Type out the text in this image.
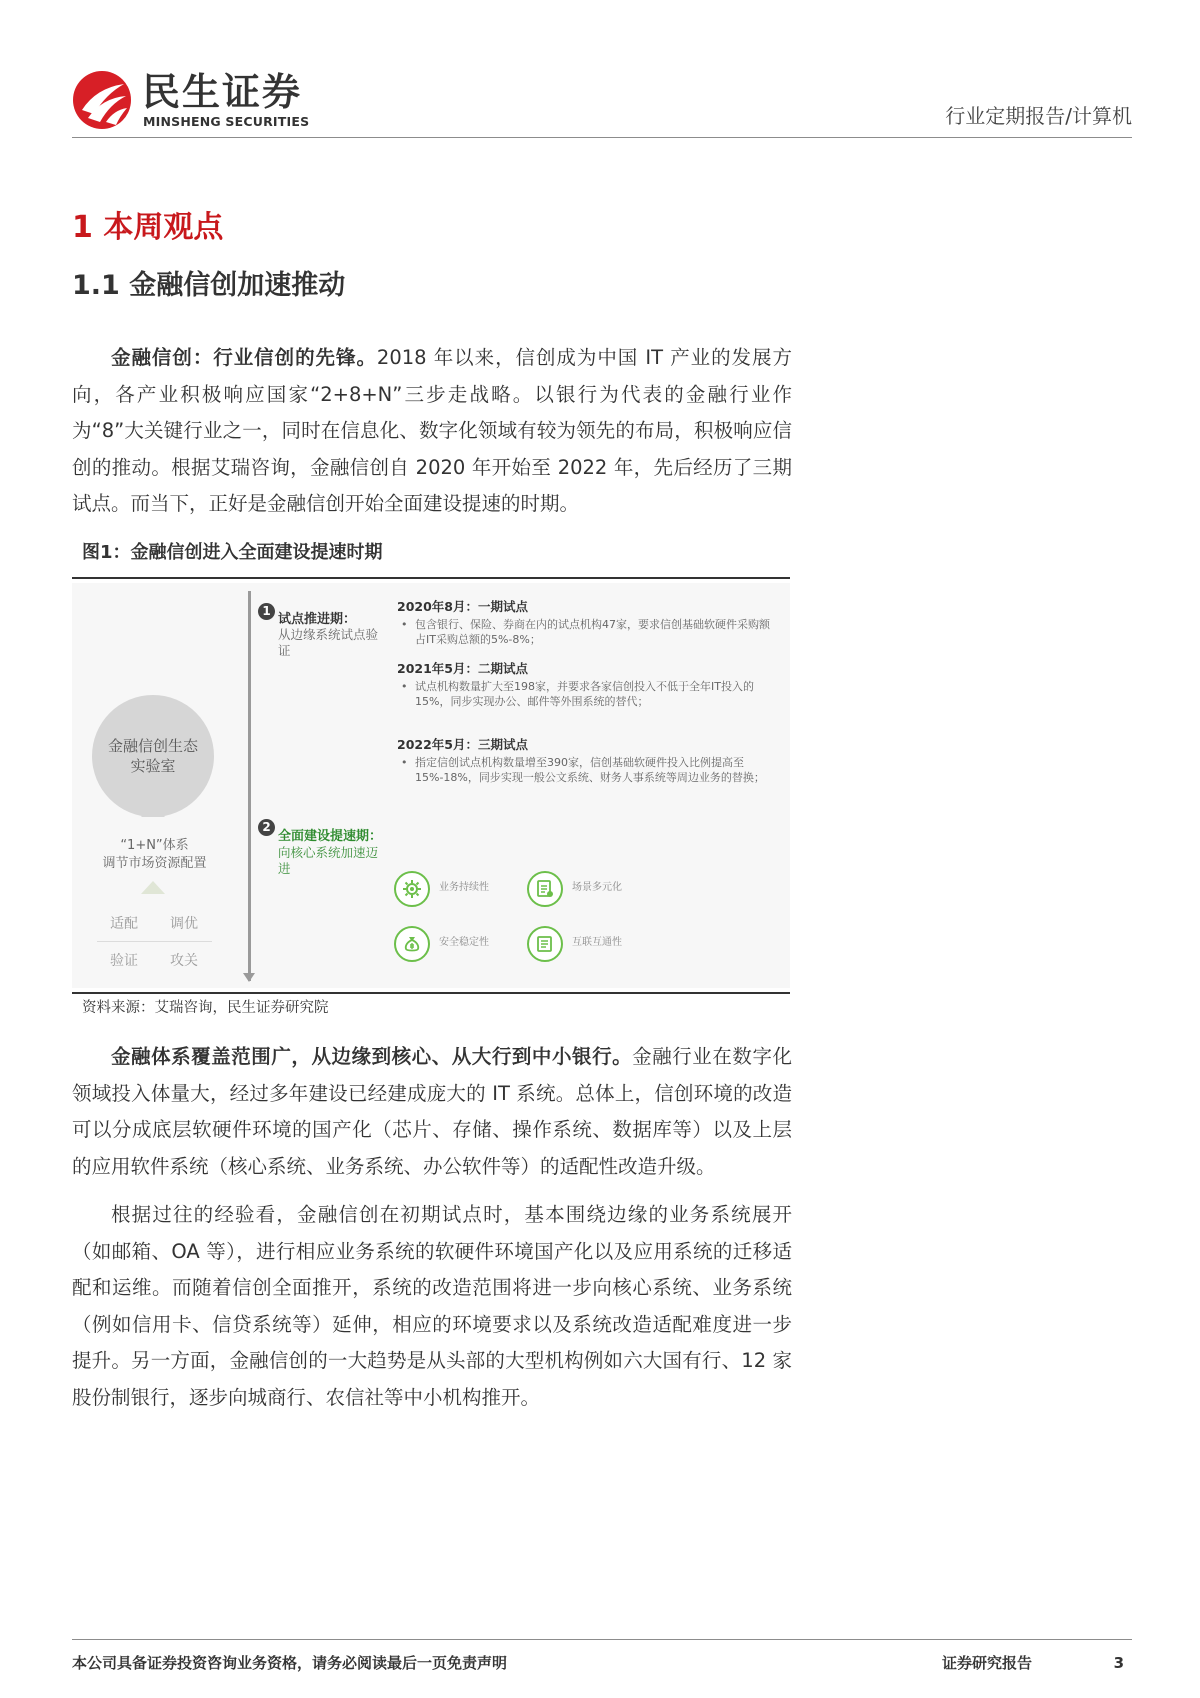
民生证券
MINSHENG SECURITIES	行业定期报告/计算机
1 本周观点
1.1 金融信创加速推动
金融信创：行业信创的先锋。2018 年以来，信创成为中国 IT 产业的发展方向，各产业积极响应国家“2+8+N”三步走战略。以银行为代表的金融行业作为“8”大关键行业之一，同时在信息化、数字化领域有较为领先的布局，积极响应信创的推动。根据艾瑞咨询，金融信创自 2020 年开始至 2022 年，先后经历了三期试点。而当下，正好是金融信创开始全面建设提速的时期。
图1：金融信创进入全面建设提速时期
金融信创生态实验室
“1+N”体系
调节市场资源配置
适配 调优
验证 攻关
1
试点推进期：
从边缘系统试点验证
2
全面建设提速期：
向核心系统加速迈进
2020年8月：一期试点
• 包含银行、保险、券商在内的试点机构47家，要求信创基础软硬件采购额占IT采购总额的5%-8%；
2021年5月：二期试点
• 试点机构数量扩大至198家，并要求各家信创投入不低于全年IT投入的15%，同步实现办公、邮件等外围系统的替代；
2022年5月：三期试点
• 指定信创试点机构数量增至390家，信创基础软硬件投入比例提高至15%-18%，同步实现一般公文系统、财务人事系统等周边业务的替换；
业务持续性	场景多元化
安全稳定性	互联互通性
资料来源：艾瑞咨询，民生证券研究院
金融体系覆盖范围广，从边缘到核心、从大行到中小银行。金融行业在数字化领域投入体量大，经过多年建设已经建成庞大的 IT 系统。总体上，信创环境的改造可以分成底层软硬件环境的国产化（芯片、存储、操作系统、数据库等）以及上层的应用软件系统（核心系统、业务系统、办公软件等）的适配性改造升级。
根据过往的经验看，金融信创在初期试点时，基本围绕边缘的业务系统展开（如邮箱、OA 等），进行相应业务系统的软硬件环境国产化以及应用系统的迁移适配和运维。而随着信创全面推开，系统的改造范围将进一步向核心系统、业务系统（例如信用卡、信贷系统等）延伸，相应的环境要求以及系统改造适配难度进一步提升。另一方面，金融信创的一大趋势是从头部的大型机构例如六大国有行、12 家股份制银行，逐步向城商行、农信社等中小机构推开。
本公司具备证券投资咨询业务资格，请务必阅读最后一页免责声明	证券研究报告	3
